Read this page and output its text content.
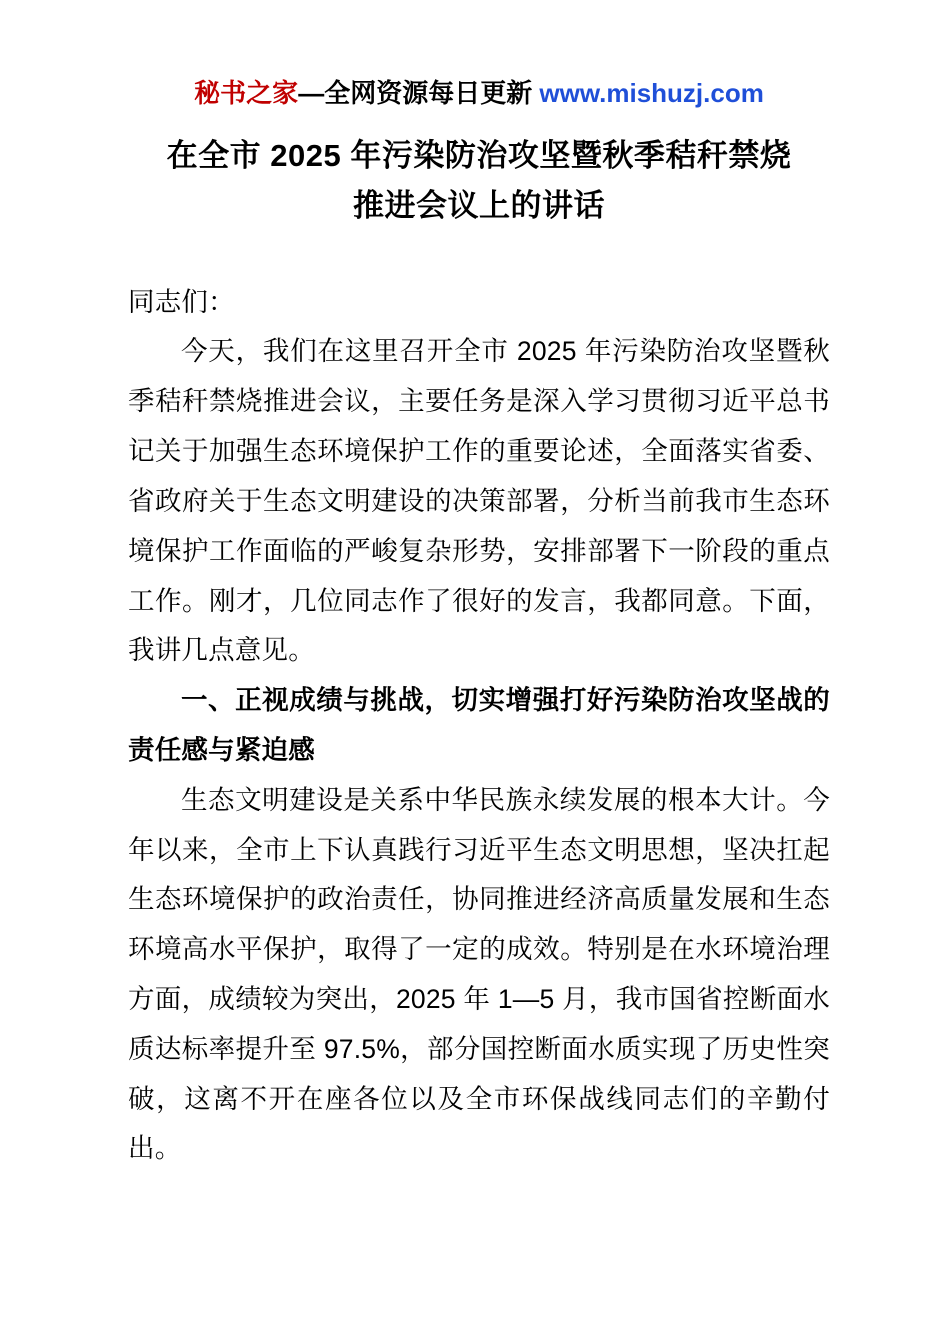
秘书之家—全网资源每日更新 www.mishuzj.com
在全市 2025 年污染防治攻坚暨秋季秸秆禁烧
推进会议上的讲话

同志们：

今天，我们在这里召开全市 2025 年污染防治攻坚暨秋季秸秆禁烧推进会议，主要任务是深入学习贯彻习近平总书记关于加强生态环境保护工作的重要论述，全面落实省委、省政府关于生态文明建设的决策部署，分析当前我市生态环境保护工作面临的严峻复杂形势，安排部署下一阶段的重点工作。刚才，几位同志作了很好的发言，我都同意。下面，我讲几点意见。

一、正视成绩与挑战，切实增强打好污染防治攻坚战的责任感与紧迫感

生态文明建设是关系中华民族永续发展的根本大计。今年以来，全市上下认真践行习近平生态文明思想，坚决扛起生态环境保护的政治责任，协同推进经济高质量发展和生态环境高水平保护，取得了一定的成效。特别是在水环境治理方面，成绩较为突出，2025 年 1—5 月，我市国省控断面水质达标率提升至 97.5%，部分国控断面水质实现了历史性突破，这离不开在座各位以及全市环保战线同志们的辛勤付出。
